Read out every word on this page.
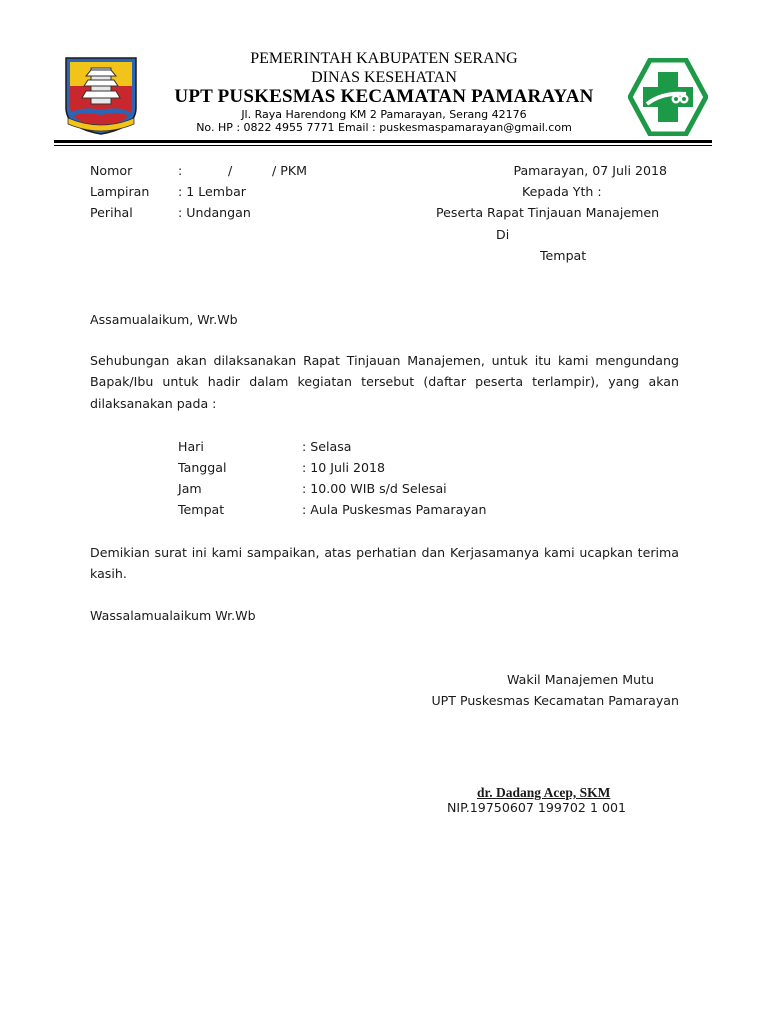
PEMERINTAH KABUPATEN SERANG
DINAS KESEHATAN
UPT PUSKESMAS KECAMATAN PAMARAYAN
Jl. Raya Harendong KM 2 Pamarayan, Serang 42176
No. HP : 0822 4955 7771 Email : puskesmaspamarayan@gmail.com
Nomor	:	/	/ PKM
Lampiran : 1 Lembar
Perihal	: Undangan
Pamarayan, 07 Juli 2018
Kepada Yth :
Peserta Rapat Tinjauan Manajemen
Di
Tempat
Assamualaikum, Wr.Wb
Sehubungan akan dilaksanakan Rapat Tinjauan Manajemen, untuk itu kami mengundang Bapak/Ibu untuk hadir dalam kegiatan tersebut (daftar peserta terlampir), yang akan dilaksanakan pada :
Hari	: Selasa
Tanggal	: 10 Juli 2018
Jam	: 10.00 WIB s/d Selesai
Tempat	: Aula Puskesmas Pamarayan
Demikian surat ini kami sampaikan, atas perhatian dan Kerjasamanya kami ucapkan terima kasih.
Wassalamualaikum Wr.Wb
Wakil Manajemen Mutu
UPT Puskesmas Kecamatan Pamarayan
dr. Dadang Acep, SKM
NIP.19750607 199702 1 001
